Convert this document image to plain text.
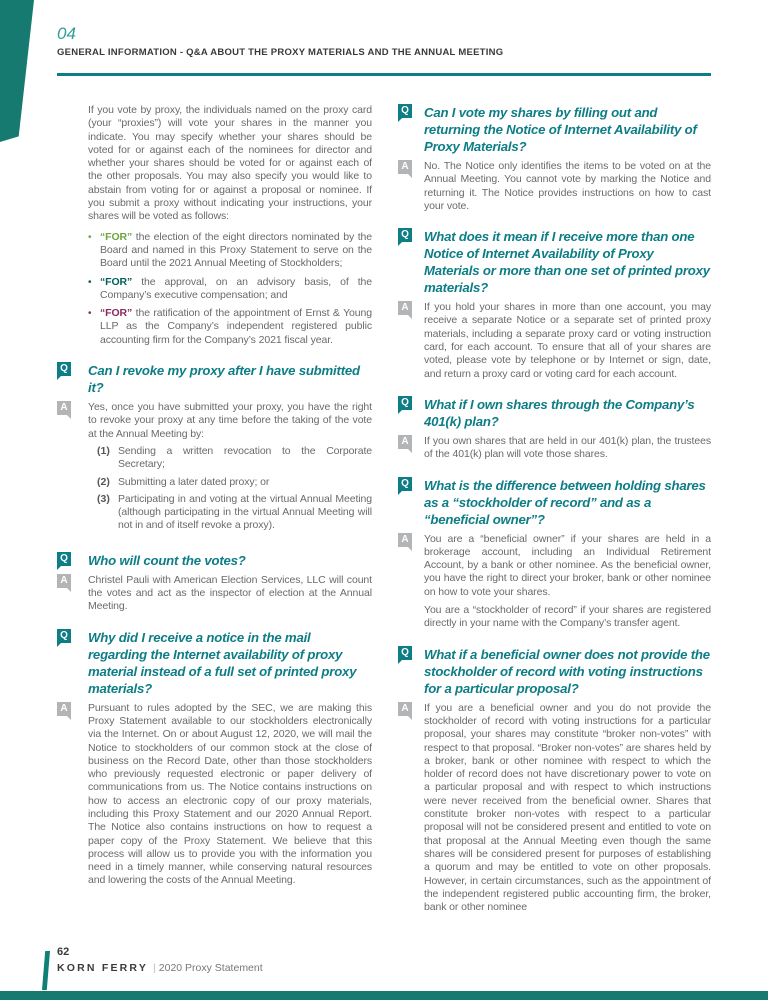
04
GENERAL INFORMATION - Q&A ABOUT THE PROXY MATERIALS AND THE ANNUAL MEETING

If you vote by proxy, the individuals named on the proxy card (your “proxies”) will vote your shares in the manner you indicate. You may specify whether your shares should be voted for or against each of the nominees for director and whether your shares should be voted for or against each of the other proposals. You may also specify you would like to abstain from voting for or against a proposal or nominee. If you submit a proxy without indicating your instructions, your shares will be voted as follows:

• “FOR” the election of the eight directors nominated by the Board and named in this Proxy Statement to serve on the Board until the 2021 Annual Meeting of Stockholders;

• “FOR” the approval, on an advisory basis, of the Company’s executive compensation; and

• “FOR” the ratification of the appointment of Ernst & Young LLP as the Company’s independent registered public accounting firm for the Company’s 2021 fiscal year.

Q Can I revoke my proxy after I have submitted it?

A	Yes, once you have submitted your proxy, you have the right to revoke your proxy at any time before the taking of the vote at the Annual Meeting by:

(1) Sending a written revocation to the Corporate Secretary;

(2) Submitting a later dated proxy; or

(3) Participating in and voting at the virtual Annual Meeting (although participating in the virtual Annual Meeting will not in and of itself revoke a proxy).

Q Who will count the votes?

A	Christel Pauli with American Election Services, LLC will count the votes and act as the inspector of election at the Annual Meeting.

Q Why did I receive a notice in the mail regarding the Internet availability of proxy material instead of a full set of printed proxy materials?

A	Pursuant to rules adopted by the SEC, we are making this Proxy Statement available to our stockholders electronically via the Internet. On or about August 12, 2020, we will mail the Notice to stockholders of our common stock at the close of business on the Record Date, other than those stockholders who previously requested electronic or paper delivery of communications from us. The Notice contains instructions on how to access an electronic copy of our proxy materials, including this Proxy Statement and our 2020 Annual Report. The Notice also contains instructions on how to request a paper copy of the Proxy Statement. We believe that this process will allow us to provide you with the information you need in a timely manner, while conserving natural resources and lowering the costs of the Annual Meeting.

Q Can I vote my shares by filling out and returning the Notice of Internet Availability of Proxy Materials?

A	No. The Notice only identifies the items to be voted on at the Annual Meeting. You cannot vote by marking the Notice and returning it. The Notice provides instructions on how to cast your vote.

Q What does it mean if I receive more than one Notice of Internet Availability of Proxy Materials or more than one set of printed proxy materials?

A	If you hold your shares in more than one account, you may receive a separate Notice or a separate set of printed proxy materials, including a separate proxy card or voting instruction card, for each account. To ensure that all of your shares are voted, please vote by telephone or by Internet or sign, date, and return a proxy card or voting card for each account.

Q What if I own shares through the Company’s 401(k) plan?

A	If you own shares that are held in our 401(k) plan, the trustees of the 401(k) plan will vote those shares.

Q What is the difference between holding shares as a “stockholder of record” and as a “beneficial owner”?

A	You are a “beneficial owner” if your shares are held in a brokerage account, including an Individual Retirement Account, by a bank or other nominee. As the beneficial owner, you have the right to direct your broker, bank or other nominee on how to vote your shares.

You are a “stockholder of record” if your shares are registered directly in your name with the Company’s transfer agent.

Q What if a beneficial owner does not provide the stockholder of record with voting instructions for a particular proposal?

A	If you are a beneficial owner and you do not provide the stockholder of record with voting instructions for a particular proposal, your shares may constitute “broker non-votes” with respect to that proposal. “Broker non-votes” are shares held by a broker, bank or other nominee with respect to which the holder of record does not have discretionary power to vote on a particular proposal and with respect to which instructions were never received from the beneficial owner. Shares that constitute broker non-votes with respect to a particular proposal will not be considered present and entitled to vote on that proposal at the Annual Meeting even though the same shares will be considered present for purposes of establishing a quorum and may be entitled to vote on other proposals. However, in certain circumstances, such as the appointment of the independent registered public accounting firm, the broker, bank or other nominee

62
KORN FERRY | 2020 Proxy Statement
